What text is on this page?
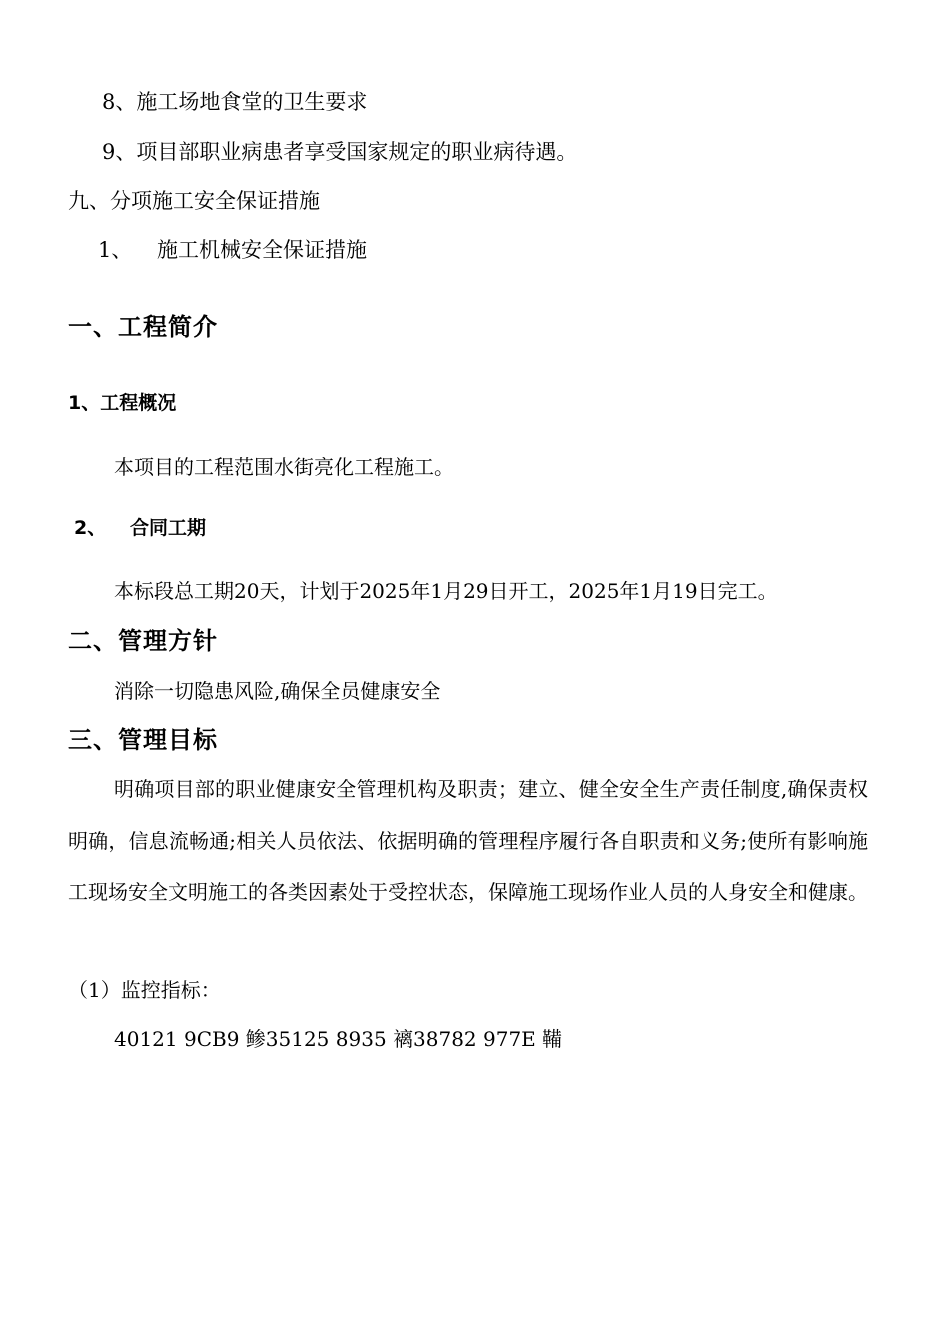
8、施工场地食堂的卫生要求
9、项目部职业病患者享受国家规定的职业病待遇。
九、分项施工安全保证措施
1、 施工机械安全保证措施
一、工程简介
1、工程概况
本项目的工程范围水街亮化工程施工。
2、 合同工期
本标段总工期20天，计划于2025年1月29日开工，2025年1月19日完工。
二、管理方针
消除一切隐患风险,确保全员健康安全
三、管理目标
明确项目部的职业健康安全管理机构及职责；建立、健全安全生产责任制度,确保责权明确，信息流畅通;相关人员依法、依据明确的管理程序履行各自职责和义务;使所有影响施工现场安全文明施工的各类因素处于受控状态，保障施工现场作业人员的人身安全和健康。
（1）监控指标：
40121 9CB9 鲹35125 8935 褵38782 977E 鞴
